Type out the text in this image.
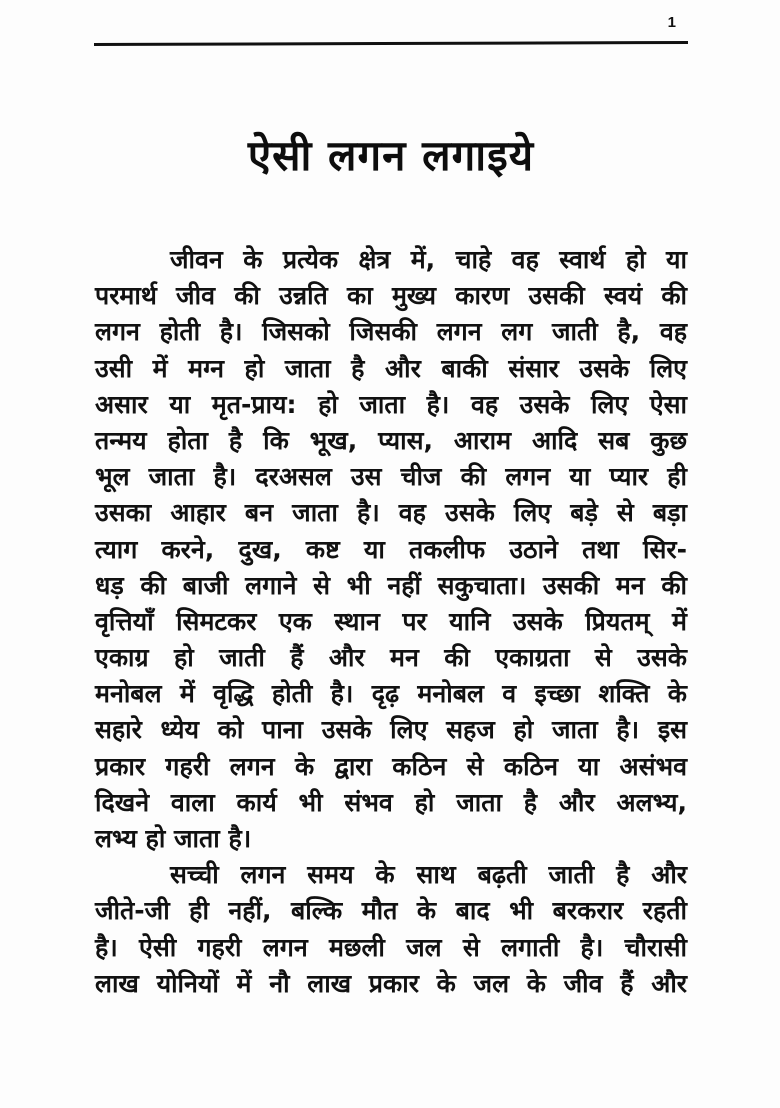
1
ऐसी लगन लगाइये
जीवन के प्रत्येक क्षेत्र में, चाहे वह स्वार्थ हो या
परमार्थ जीव की उन्नति का मुख्य कारण उसकी स्वयं की
लगन होती है। जिसको जिसकी लगन लग जाती है, वह
उसी में मग्न हो जाता है और बाकी संसार उसके लिए
असार या मृत-प्राय: हो जाता है। वह उसके लिए ऐसा
तन्मय होता है कि भूख, प्यास, आराम आदि सब कुछ
भूल जाता है। दरअसल उस चीज की लगन या प्यार ही
उसका आहार बन जाता है। वह उसके लिए बड़े से बड़ा
त्याग करने, दुख, कष्ट या तकलीफ उठाने तथा सिर-
धड़ की बाजी लगाने से भी नहीं सकुचाता। उसकी मन की
वृत्तियाँ सिमटकर एक स्थान पर यानि उसके प्रियतम् में
एकाग्र हो जाती हैं और मन की एकाग्रता से उसके
मनोबल में वृद्धि होती है। दृढ़ मनोबल व इच्छा शक्ति के
सहारे ध्येय को पाना उसके लिए सहज हो जाता है। इस
प्रकार गहरी लगन के द्वारा कठिन से कठिन या असंभव
दिखने वाला कार्य भी संभव हो जाता है और अलभ्य,
लभ्य हो जाता है।
सच्ची लगन समय के साथ बढ़ती जाती है और
जीते-जी ही नहीं, बल्कि मौत के बाद भी बरकरार रहती
है। ऐसी गहरी लगन मछली जल से लगाती है। चौरासी
लाख योनियों में नौ लाख प्रकार के जल के जीव हैं और
